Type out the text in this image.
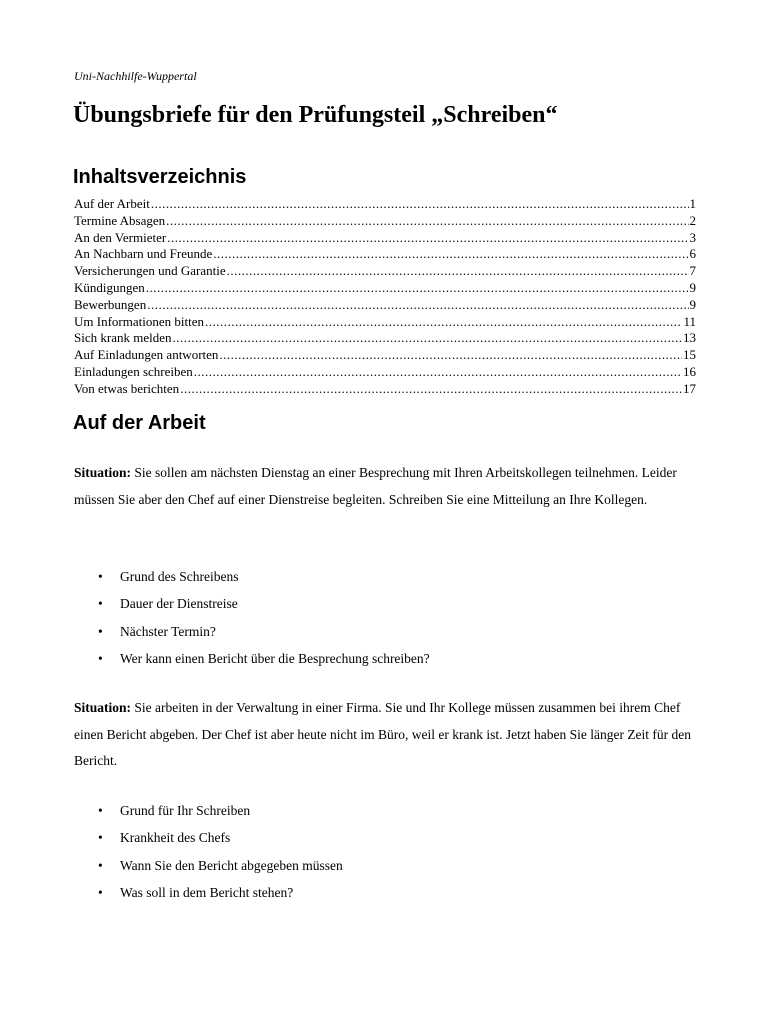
Uni-Nachhilfe-Wuppertal
Übungsbriefe für den Prüfungsteil „Schreiben“
Inhaltsverzeichnis
Auf der Arbeit .....	1
Termine Absagen .....	2
An den Vermieter .....	3
An Nachbarn und Freunde .....	6
Versicherungen und Garantie .....	7
Kündigungen .....	9
Bewerbungen .....	9
Um Informationen bitten .....	11
Sich krank melden .....	13
Auf Einladungen antworten .....	15
Einladungen schreiben .....	16
Von etwas berichten .....	17
Auf der Arbeit

Situation: Sie sollen am nächsten Dienstag an einer Besprechung mit Ihren Arbeitskollegen teilnehmen. Leider müssen Sie aber den Chef auf einer Dienstreise begleiten. Schreiben Sie eine Mitteilung an Ihre Kollegen.

•	Grund des Schreibens
•	Dauer der Dienstreise
•	Nächster Termin?
•	Wer kann einen Bericht über die Besprechung schreiben?

Situation: Sie arbeiten in der Verwaltung in einer Firma. Sie und Ihr Kollege müssen zusammen bei ihrem Chef einen Bericht abgeben. Der Chef ist aber heute nicht im Büro, weil er krank ist. Jetzt haben Sie länger Zeit für den Bericht.

•	Grund für Ihr Schreiben
•	Krankheit des Chefs
•	Wann Sie den Bericht abgegeben müssen
•	Was soll in dem Bericht stehen?
